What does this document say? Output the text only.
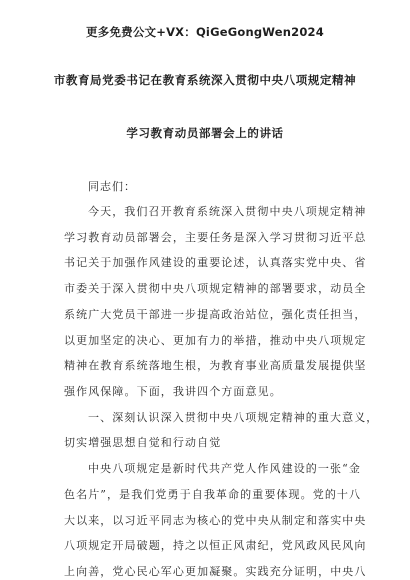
更多免费公文+VX：QiGeGongWen2024
市教育局党委书记在教育系统深入贯彻中央八项规定精神
学习教育动员部署会上的讲话
同志们：
今天，我们召开教育系统深入贯彻中央八项规定精神
学习教育动员部署会，主要任务是深入学习贯彻习近平总
书记关于加强作风建设的重要论述，认真落实党中央、省
市委关于深入贯彻中央八项规定精神的部署要求，动员全
系统广大党员干部进一步提高政治站位，强化责任担当，
以更加坚定的决心、更加有力的举措，推动中央八项规定
精神在教育系统落地生根，为教育事业高质量发展提供坚
强作风保障。下面，我讲四个方面意见。
一、深刻认识深入贯彻中央八项规定精神的重大意义，
切实增强思想自觉和行动自觉
中央八项规定是新时代共产党人作风建设的一张“金
色名片”，是我们党勇于自我革命的重要体现。党的十八
大以来，以习近平同志为核心的党中央从制定和落实中央
八项规定开局破题，持之以恒正风肃纪，党风政风民风向
上向善，党心民心军心更加凝聚。实践充分证明，中央八
